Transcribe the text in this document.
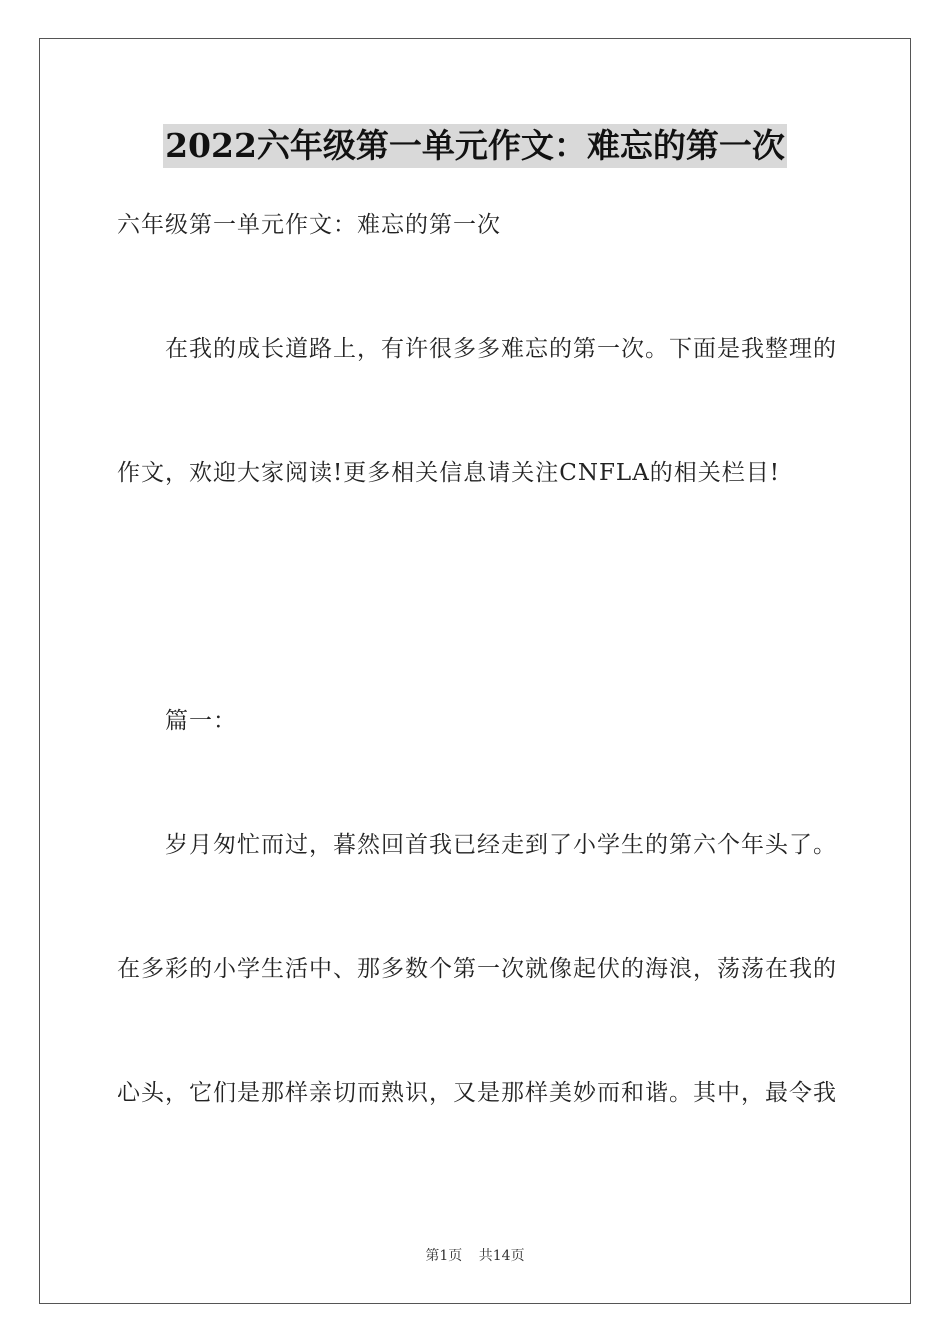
2022六年级第一单元作文：难忘的第一次

六年级第一单元作文：难忘的第一次

在我的成长道路上，有许很多多难忘的第一次。下面是我整理的

作文，欢迎大家阅读!更多相关信息请关注CNFLA的相关栏目!

篇一：

岁月匆忙而过，暮然回首我已经走到了小学生的第六个年头了。

在多彩的小学生活中、那多数个第一次就像起伏的海浪，荡荡在我的

心头，它们是那样亲切而熟识，又是那样美妙而和谐。其中，最令我

第1页 共14页
